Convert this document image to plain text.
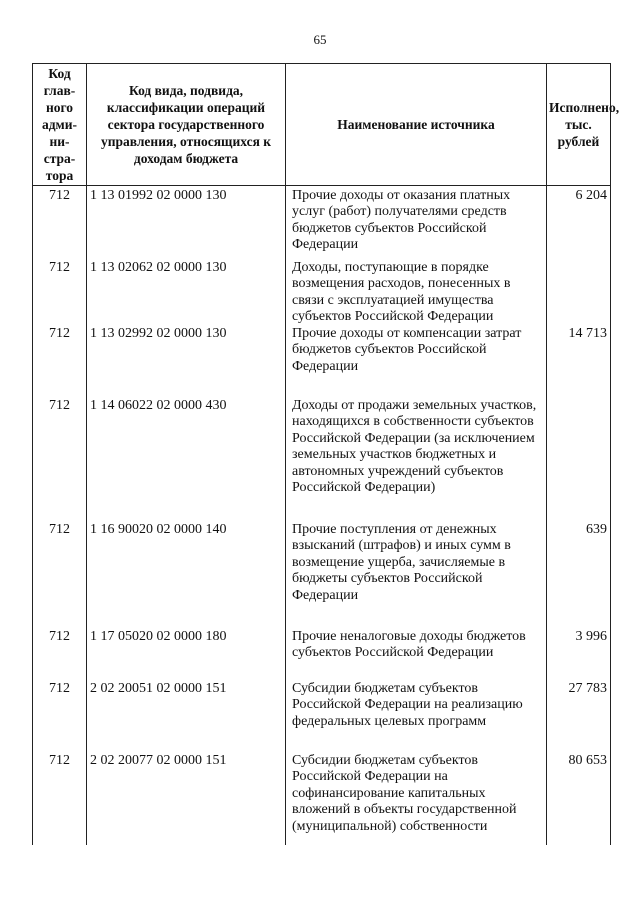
65
Код глав-ного адми-ни-стра-тора	Код вида, подвида, классификации операций сектора государственного управления, относящихся к доходам бюджета	Наименование источника	Исполнено, тыс. рублей
712	1 13 01992 02 0000 130	Прочие доходы от оказания платных услуг (работ) получателями средств бюджетов субъектов Российской Федерации	6 204
712	1 13 02062 02 0000 130	Доходы, поступающие в порядке возмещения расходов, понесенных в связи с эксплуатацией имущества субъектов Российской Федерации	
712	1 13 02992 02 0000 130	Прочие доходы от компенсации затрат бюджетов субъектов Российской Федерации	14 713
712	1 14 06022 02 0000 430	Доходы от продажи земельных участков, находящихся в собственности субъектов Российской Федерации (за исключением земельных участков бюджетных и автономных учреждений субъектов Российской Федерации)	
712	1 16 90020 02 0000 140	Прочие поступления от денежных взысканий (штрафов) и иных сумм в возмещение ущерба, зачисляемые в бюджеты субъектов Российской Федерации	639
712	1 17 05020 02 0000 180	Прочие неналоговые доходы бюджетов субъектов Российской Федерации	3 996
712	2 02 20051 02 0000 151	Субсидии бюджетам субъектов Российской Федерации на реализацию федеральных целевых программ	27 783
712	2 02 20077 02 0000 151	Субсидии бюджетам субъектов Российской Федерации на софинансирование капитальных вложений в объекты государственной (муниципальной) собственности	80 653
